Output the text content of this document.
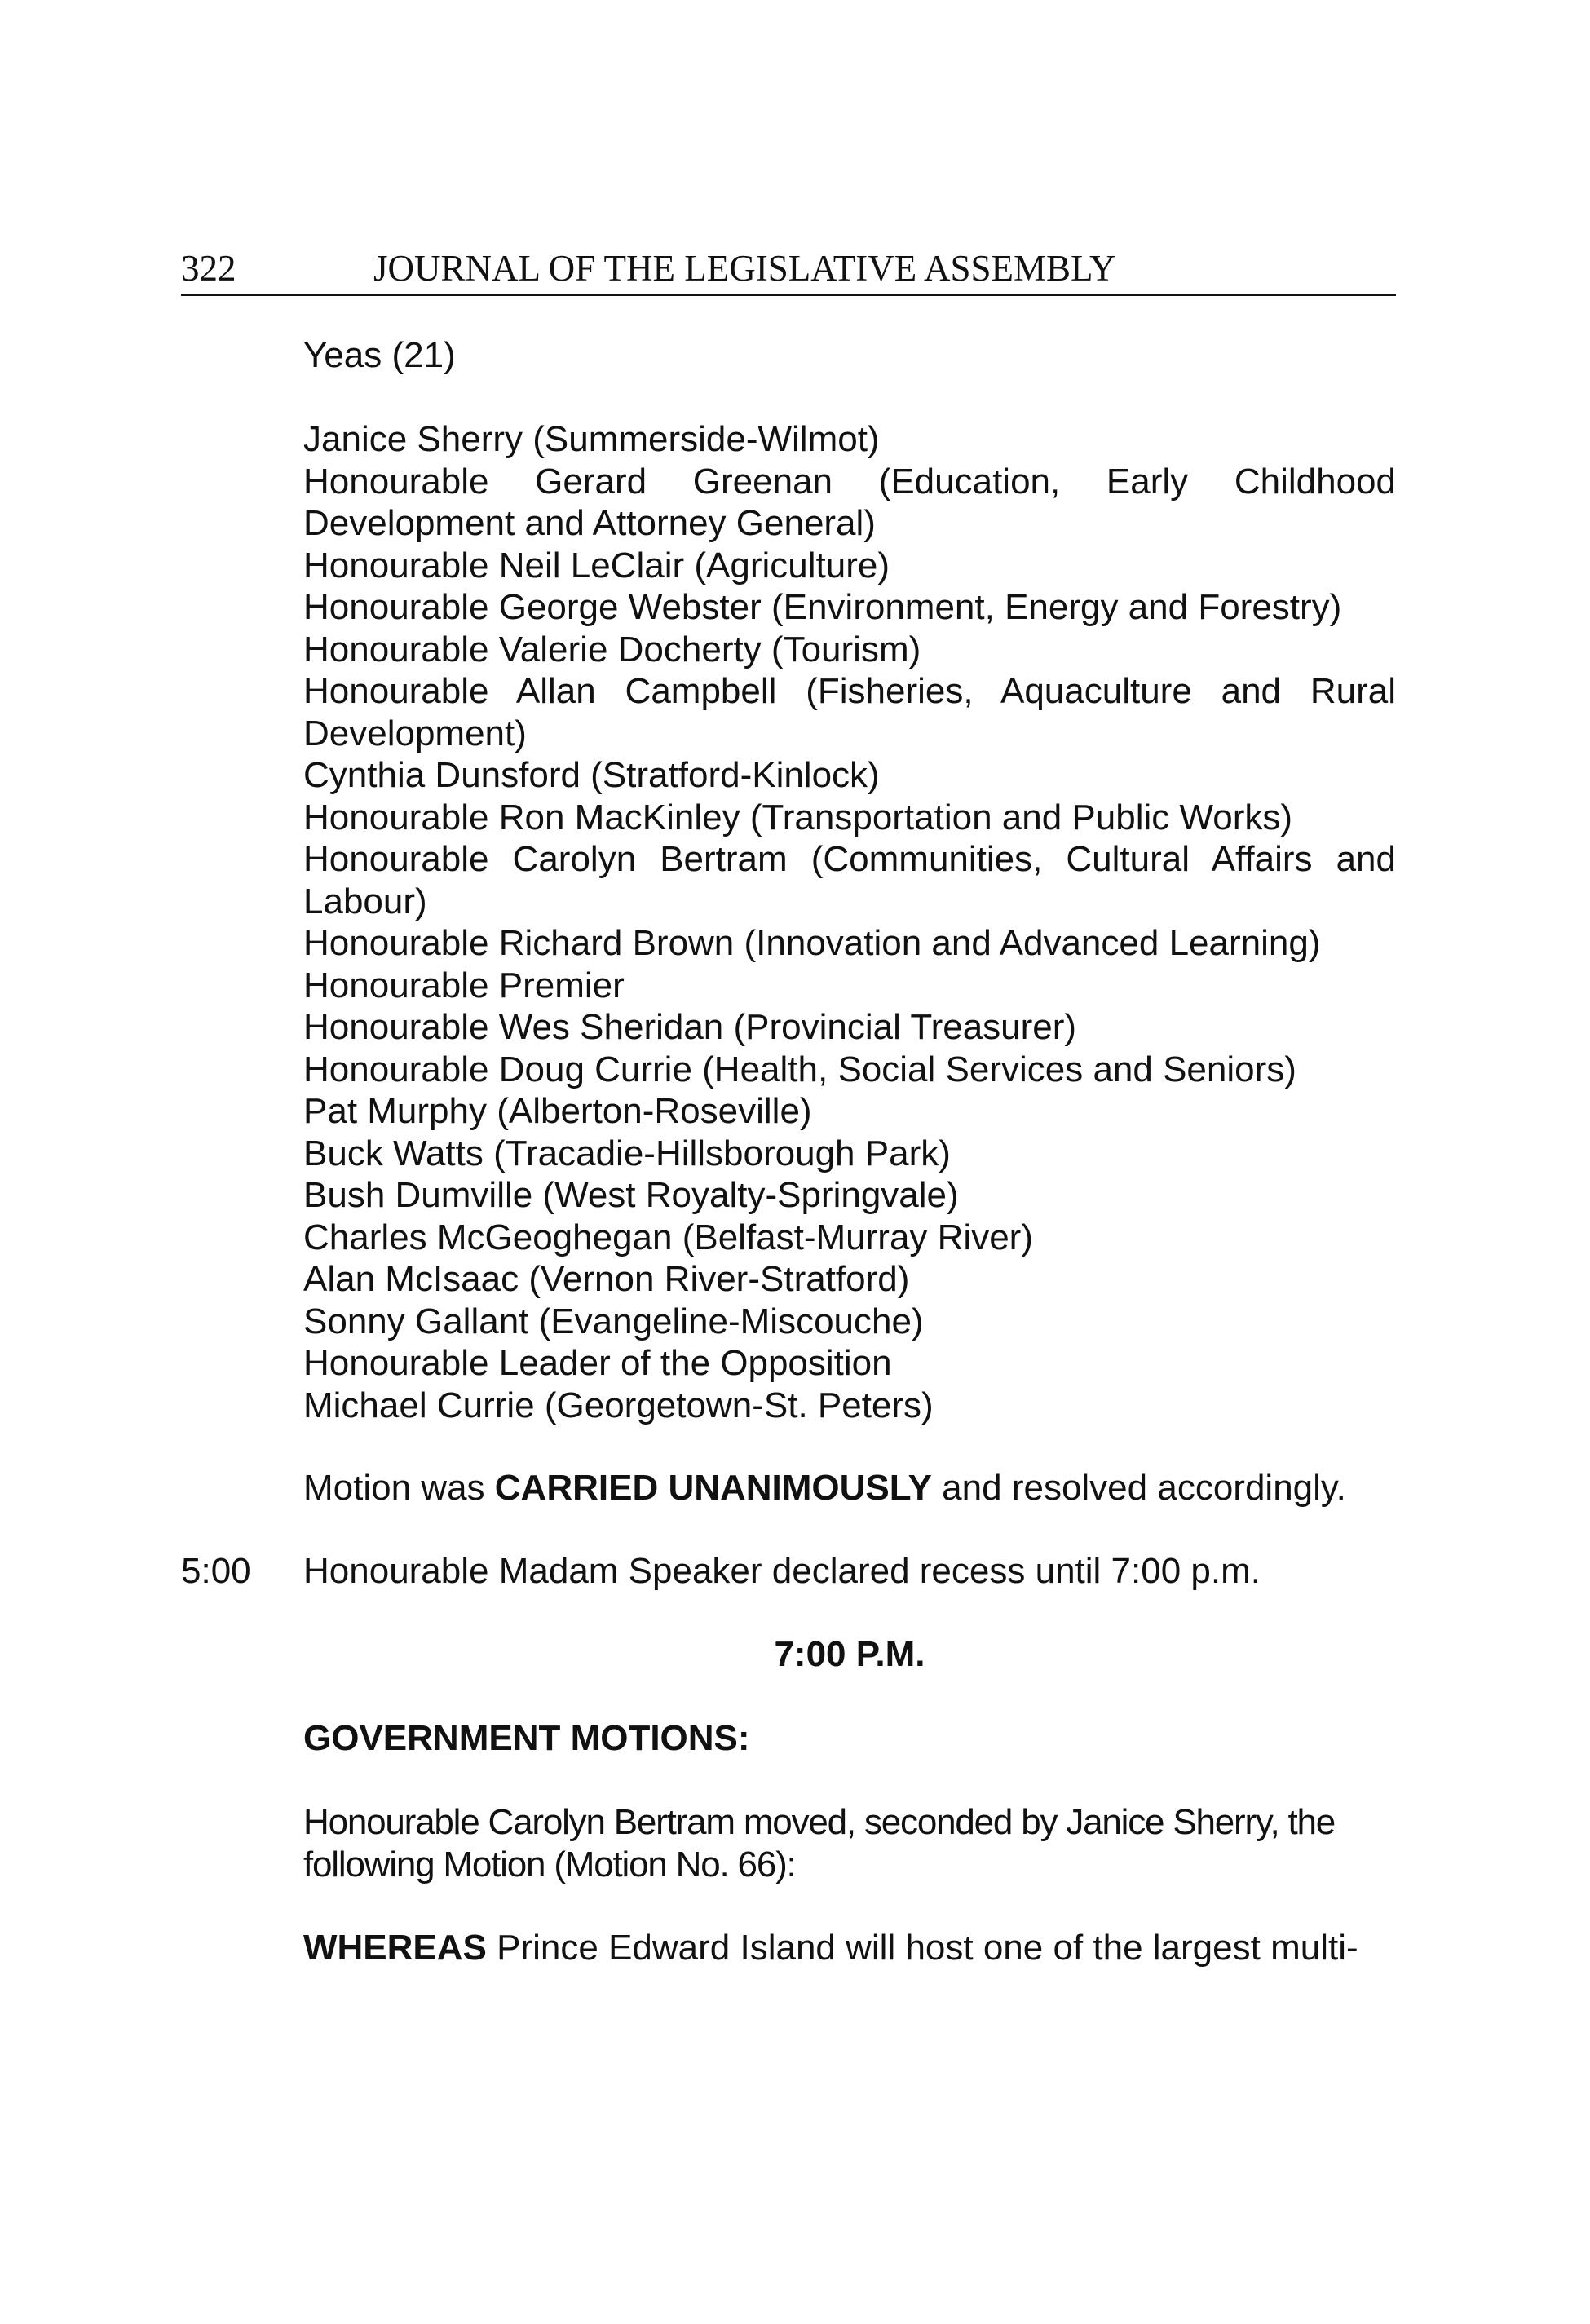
322	JOURNAL OF THE LEGISLATIVE ASSEMBLY
Yeas (21)
Janice Sherry (Summerside-Wilmot)
Honourable Gerard Greenan (Education, Early Childhood Development and Attorney General)
Honourable Neil LeClair (Agriculture)
Honourable George Webster (Environment, Energy and Forestry)
Honourable Valerie Docherty (Tourism)
Honourable Allan Campbell (Fisheries, Aquaculture and Rural Development)
Cynthia Dunsford (Stratford-Kinlock)
Honourable Ron MacKinley (Transportation and Public Works)
Honourable Carolyn Bertram (Communities, Cultural Affairs and Labour)
Honourable Richard Brown (Innovation and Advanced Learning)
Honourable Premier
Honourable Wes Sheridan (Provincial Treasurer)
Honourable Doug Currie (Health, Social Services and Seniors)
Pat Murphy (Alberton-Roseville)
Buck Watts (Tracadie-Hillsborough Park)
Bush Dumville (West Royalty-Springvale)
Charles McGeoghegan (Belfast-Murray River)
Alan McIsaac (Vernon River-Stratford)
Sonny Gallant (Evangeline-Miscouche)
Honourable Leader of the Opposition
Michael Currie (Georgetown-St. Peters)
Motion was CARRIED UNANIMOUSLY and resolved accordingly.
5:00 Honourable Madam Speaker declared recess until 7:00 p.m.
7:00 P.M.
GOVERNMENT MOTIONS:
Honourable Carolyn Bertram moved, seconded by Janice Sherry, the following Motion (Motion No. 66):
WHEREAS Prince Edward Island will host one of the largest multi-
